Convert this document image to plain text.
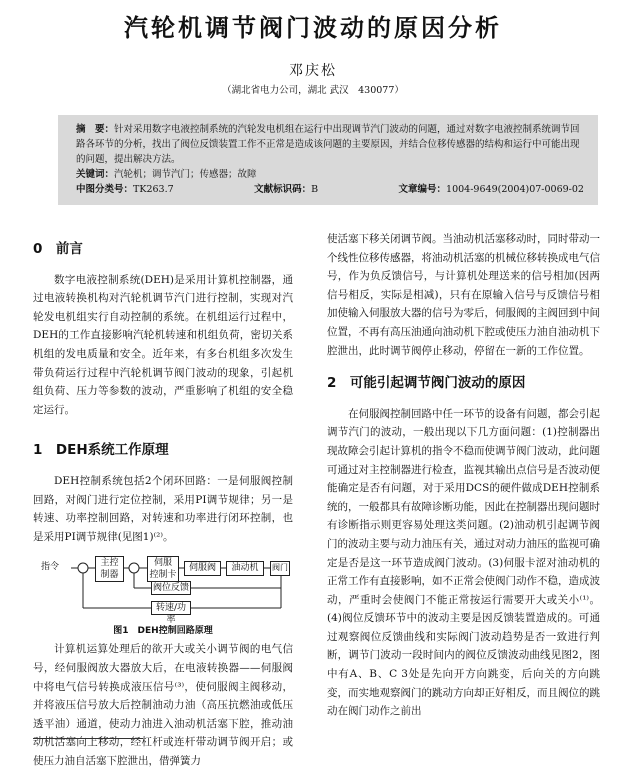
汽轮机调节阀门波动的原因分析
邓庆松
（湖北省电力公司，湖北 武汉　430077）

摘　要：针对采用数字电液控制系统的汽轮发电机组在运行中出现调节汽门波动的问题，通过对数字电液控制系统调节回路各环节的分析，找出了阀位反馈装置工作不正常是造成该问题的主要原因，并结合位移传感器的结构和运行中可能出现的问题，提出解决方法。

关键词：汽轮机；调节汽门；传感器；故障

中图分类号：TK263.7	文献标识码：B	文章编号：1004-9649(2004)07-0069-02

0　前言

数字电液控制系统(DEH)是采用计算机控制器，通过电液转换机构对汽轮机调节汽门进行控制，实现对汽轮发电机组实行自动控制的系统。在机组运行过程中，DEH的工作直接影响汽轮机转速和机组负荷，密切关系机组的发电质量和安全。近年来，有多台机组多次发生带负荷运行过程中汽轮机调节阀门波动的现象，引起机组负荷、压力等参数的波动，严重影响了机组的安全稳定运行。

1　DEH系统工作原理

DEH控制系统包括2个闭环回路：一是伺服阀控制回路，对阀门进行定位控制，采用PI调节规律；另一是转速、功率控制回路，对转速和功率进行闭环控制，也是采用PI调节规律(见图1)⁽²⁾。

指令	主控
制器
伺服
控制卡
伺服阀	油动机	阀门
阀位反馈
转速/功率
图1　DEH控制回路原理

计算机运算处理后的欲开大或关小调节阀的电气信号，经伺服阀放大器放大后，在电液转换器——伺服阀中将电气信号转换成液压信号⁽³⁾，使伺服阀主阀移动，并将液压信号放大后控制油动力油（高压抗燃油或低压透平油）通道，使动力油进入油动机活塞下腔，推动油动机活塞向上移动，经杠杆或连杆带动调节阀开启；或使压力油自活塞下腔泄出，借弹簧力

使活塞下移关闭调节阀。当油动机活塞移动时，同时带动一个线性位移传感器，将油动机活塞的机械位移转换成电气信号，作为负反馈信号，与计算机处理送来的信号相加(因两信号相反，实际是相减)，只有在原输入信号与反馈信号相加使输入伺服放大器的信号为零后，伺服阀的主阀回到中间位置，不再有高压油通向油动机下腔或使压力油自油动机下腔泄出，此时调节阀停止移动，停留在一新的工作位置。

2　可能引起调节阀门波动的原因

在伺服阀控制回路中任一环节的设备有问题，都会引起调节汽门的波动，一般出现以下几方面问题：(1)控制器出现故障会引起计算机的指令不稳而使调节阀门波动，此问题可通过对主控制器进行检查，监视其输出点信号是否波动便能确定是否有问题，对于采用DCS的硬件做成DEH控制系统的，一般都具有故障诊断功能，因此在控制器出现问题时有诊断指示则更容易处理这类问题。(2)油动机引起调节阀门的波动主要与动力油压有关，通过对动力油压的监视可确定是否是这一环节造成阀门波动。(3)伺服卡涩对油动机的正常工作有直接影响，如不正常会使阀门动作不稳，造成波动，严重时会使阀门不能正常按运行需要开大或关小⁽¹⁾。(4)阀位反馈环节中的波动主要是因反馈装置造成的。可通过观察阀位反馈曲线和实际阀门波动趋势是否一致进行判断，调节门波动一段时间内的阀位反馈波动曲线见图2，图中有A、B、C 3处是先向开方向跳变，后向关的方向跳变，而实地观察阀门的跳动方向却正好相反，而且阀位的跳动在阀门动作之前出
